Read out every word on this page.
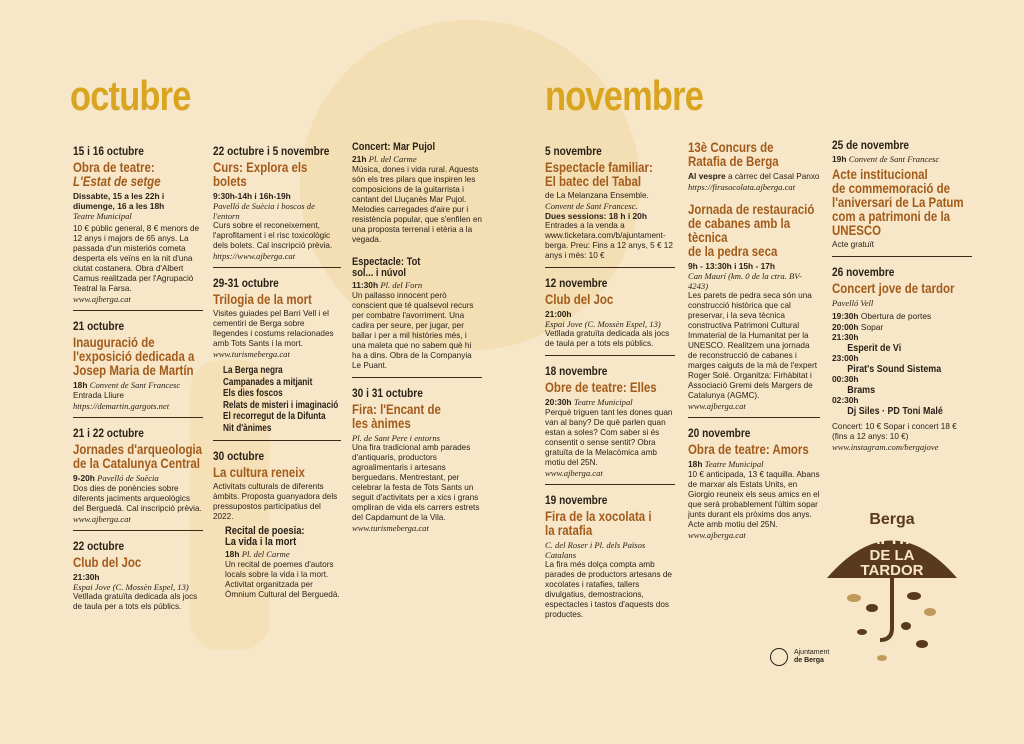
octubre	novembre
15 i 16 octubre
Obra de teatre:
L'Estat de setge
Dissabte, 15 a les 22h i diumenge, 16 a les 18h
Teatre Municipal
10 € públic general, 8 € menors de 12 anys i majors de 65 anys. La passada d'un misteriós cometa desperta els veïns en la nit d'una ciutat costanera. Obra d'Albert Camus realitzada per l'Agrupació Teatral la Farsa.
www.ajberga.cat
21 octubre
Inauguració de
l'exposició dedicada a
Josep Maria de Martín
18h Convent de Sant Francesc
Entrada Lliure
https://demartin.gargots.net
21 i 22 octubre
Jornades d'arqueologia
de la Catalunya Central
9-20h Pavelló de Suècia
Dos dies de ponències sobre diferents jaciments arqueològics del Berguedà. Cal inscripció prèvia.
www.ajberga.cat
22 octubre
Club del Joc
21:30h
Espai Jove (C. Mossèn Espel, 13)
Vetllada gratuïta dedicada als jocs de taula per a tots els públics.
22 octubre i 5 novembre
Curs: Explora els bolets
9:30h-14h i 16h-19h
Pavelló de Suècia i boscos de l'entorn
Curs sobre el reconeixement, l'aprofitament i el risc toxicològic dels bolets. Cal inscripció prèvia.
https://www.ajberga.cat
29-31 octubre
Trilogia de la mort
Visites guiades pel Barri Vell i el cementiri de Berga sobre llegendes i costums relacionades amb Tots Sants i la mort.
www.turismeberga.cat
La Berga negra
Campanades a mitjanit
Els dies foscos
Relats de misteri i imaginació
El recorregut de la Difunta
Nit d'ànimes
30 octubre
La cultura reneix
Activitats culturals de diferents àmbits. Proposta guanyadora dels pressupostos participatius del 2022.
Recital de poesia:
La vida i la mort
18h Pl. del Carme
Un recital de poemes d'autors locals sobre la vida i la mort. Activitat organitzada per Òmnium Cultural del Berguedà.
Concert: Mar Pujol
21h Pl. del Carme
Música, dones i vida rural. Aquests són els tres pilars que inspiren les composicions de la guitarrista i cantant del Lluçanès Mar Pujol. Melodies carregades d'aire pur i resistència popular, que s'enfilen en una proposta terrenal i etèria a la vegada.
Espectacle: Tot
sol... i núvol
11:30h Pl. del Forn
Un pallasso innocent però conscient que té qualsevol recurs per combatre l'avorriment. Una cadira per seure, per jugar, per ballar i per a mil històries més, i una maleta que no sabem què hi ha a dins. Obra de la Companyia Le Puant.
30 i 31 octubre
Fira: l'Encant de
les ànimes
Pl. de Sant Pere i entorns
Una fira tradicional amb parades d'antiquaris, productors agroalimentaris i artesans berguedans. Mentrestant, per celebrar la festa de Tots Sants un seguit d'activitats per a xics i grans ompliran de vida els carrers estrets del Capdamunt de la Vila.
www.turismeberga.cat
5 novembre
Espectacle familiar:
El batec del Tabal
de La Melanzana Ensemble.
Convent de Sant Francesc.
Dues sessions: 18 h i 20h
Entrades a la venda a www.ticketara.com/b/ajuntament-berga. Preu: Fins a 12 anys, 5 € 12 anys i més: 10 €
12 novembre
Club del Joc
21:00h
Espai Jove (C. Mossèn Espel, 13)
Vetllada gratuïta dedicada als jocs de taula per a tots els públics.
18 novembre
Obre de teatre: Elles
20:30h Teatre Municipal
Perquè triguen tant les dones quan van al bany? De què parlen quan estan a soles? Com saber si és consentit o sense sentit? Obra gratuïta de la Melacòmica amb motiu del 25N.
www.ajberga.cat
19 novembre
Fira de la xocolata i
la ratafia
C. del Roser i Pl. dels Països Catalans
La fira més dolça compta amb parades de productors artesans de xocolates i ratafies, tallers divulgatius, demostracions, espectacles i tastos d'aquests dos productes.
13è Concurs de
Ratafia de Berga
Al vespre a càrrec del Casal Panxo
https://firasocolata.ajberga.cat
Jornada de restauració
de cabanes amb la tècnica
de la pedra seca
9h - 13:30h i 15h - 17h
Can Maurí (km. 0 de la ctra. BV-4243)
Les parets de pedra seca són una construcció històrica que cal preservar, i la seva tècnica constructiva Patrimoni Cultural Immaterial de la Humanitat per la UNESCO. Realitzem una jornada de reconstrucció de cabanes i marges caiguts de la mà de l'expert Roger Solé. Organitza: Firhàbitat i Associació Gremi dels Margers de Catalunya (AGMC).
www.ajberga.cat
20 novembre
Obra de teatre: Amors
18h Teatre Municipal
10 € anticipada, 13 € taquilla. Abans de marxar als Estats Units, en Giorgio reuneix els seus amics en el que serà probablement l'últim sopar junts durant els pròxims dos anys. Acte amb motiu del 25N.
www.ajberga.cat
25 de novembre
19h Convent de Sant Francesc
Acte institucional
de commemoració de
l'aniversari de La Patum
com a patrimoni de la
UNESCO
Acte gratuït
26 novembre
Concert jove de tardor
Pavelló Vell
19:30h Obertura de portes
20:00h Sopar
21:30h
Esperit de Vi
23:00h
Pirat's Sound Sistema
00:30h
Brams
02:30h
Dj Siles · PD Toni Malé
Concert: 10 € Sopar i concert 18 € (fins a 12 anys: 10 €)
www.instagram.com/bergajove
Berga
CAPITAL
DE LA
TARDOR

Ajuntament
de Berga
